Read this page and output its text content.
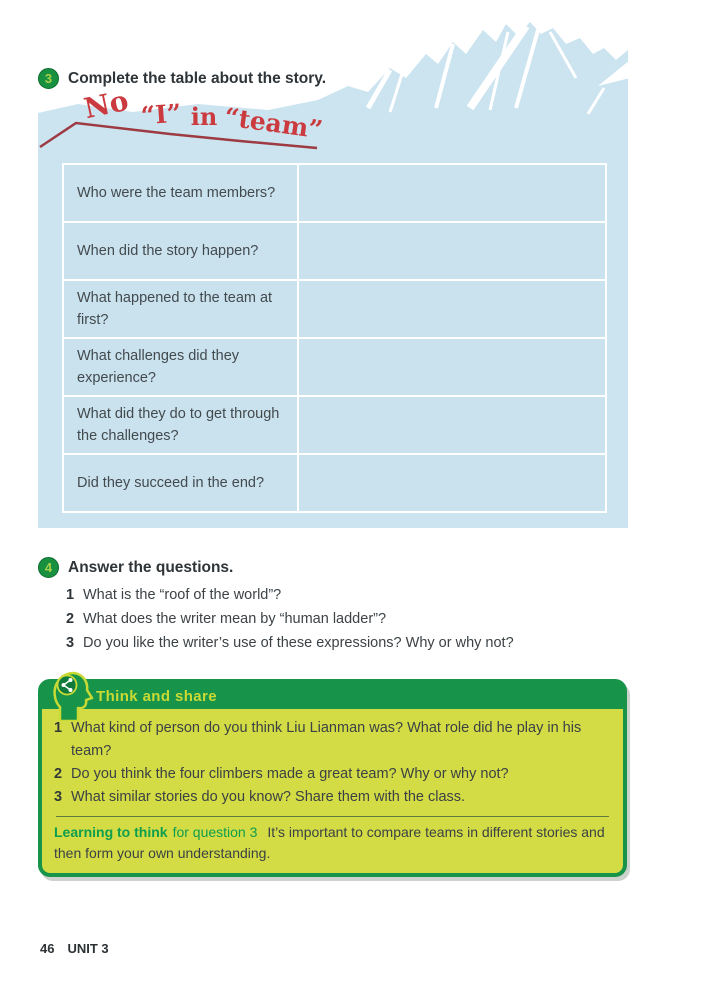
3 Complete the table about the story.
No “I” in “team”
Who were the team members?
When did the story happen?
What happened to the team at first?
What challenges did they experience?
What did they do to get through the challenges?
Did they succeed in the end?
4 Answer the questions.
1 What is the “roof of the world”?
2 What does the writer mean by “human ladder”?
3 Do you like the writer’s use of these expressions? Why or why not?
Think and share
1 What kind of person do you think Liu Lianman was? What role did he play in his team?
2 Do you think the four climbers made a great team? Why or why not?
3 What similar stories do you know? Share them with the class.
Learning to think for question 3 It’s important to compare teams in different stories and then form your own understanding.
46 UNIT 3
